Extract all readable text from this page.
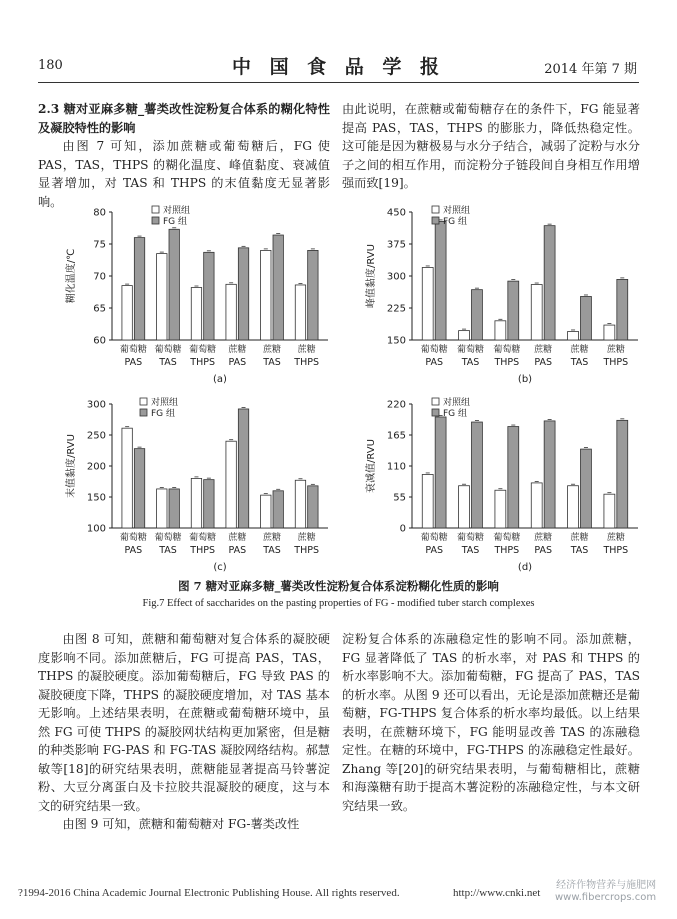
180	中 国 食 品 学 报	2014 年第 7 期

2.3 糖对亚麻多糖_薯类改性淀粉复合体系的糊化特性及凝胶特性的影响

由图 7 可知，添加蔗糖或葡萄糖后，FG 使 PAS，TAS，THPS 的糊化温度、峰值黏度、衰减值显著增加，对 TAS 和 THPS 的末值黏度无显著影响。

由此说明，在蔗糖或葡萄糖存在的条件下，FG 能显著提高 PAS，TAS，THPS 的膨胀力，降低热稳定性。这可能是因为糖极易与水分子结合，减弱了淀粉与水分子之间的相互作用，而淀粉分子链段间自身相互作用增强而致[19]。

60
65
70
75
80
糊化温度/℃
葡萄糖
PAS
葡萄糖
TAS
葡萄糖
THPS
蔗糖
PAS
蔗糖
TAS
蔗糖
THPS
(a)
对照组
FG 组
150
225
300
375
450
峰值黏度/RVU
葡萄糖
PAS
葡萄糖
TAS
葡萄糖
THPS
蔗糖
PAS
蔗糖
TAS
蔗糖
THPS
(b)
对照组
FG 组
100
150
200
250
300
末值黏度/RVU
葡萄糖
PAS
葡萄糖
TAS
葡萄糖
THPS
蔗糖
PAS
蔗糖
TAS
蔗糖
THPS
(c)
对照组
FG 组
0
55
110
165
220
衰减值/RVU
葡萄糖
PAS
葡萄糖
TAS
葡萄糖
THPS
蔗糖
PAS
蔗糖
TAS
蔗糖
THPS
(d)
对照组
FG 组
图 7 糖对亚麻多糖_薯类改性淀粉复合体系淀粉糊化性质的影响
Fig.7 Effect of saccharides on the pasting properties of FG - modified tuber starch complexes

由图 8 可知，蔗糖和葡萄糖对复合体系的凝胶硬度影响不同。添加蔗糖后，FG 可提高 PAS，TAS，THPS 的凝胶硬度。添加葡萄糖后，FG 导致 PAS 的凝胶硬度下降，THPS 的凝胶硬度增加，对 TAS 基本无影响。上述结果表明，在蔗糖或葡萄糖环境中，虽然 FG 可使 THPS 的凝胶网状结构更加紧密，但是糖的种类影响 FG-PAS 和 FG-TAS 凝胶网络结构。郝慧敏等[18]的研究结果表明，蔗糖能显著提高马铃薯淀粉、大豆分离蛋白及卡拉胶共混凝胶的硬度，这与本文的研究结果一致。

由图 9 可知，蔗糖和葡萄糖对 FG-薯类改性

淀粉复合体系的冻融稳定性的影响不同。添加蔗糖，FG 显著降低了 TAS 的析水率，对 PAS 和 THPS 的析水率影响不大。添加葡萄糖，FG 提高了 PAS，TAS 的析水率。从图 9 还可以看出，无论是添加蔗糖还是葡萄糖，FG-THPS 复合体系的析水率均最低。以上结果表明，在蔗糖环境下，FG 能明显改善 TAS 的冻融稳定性。在糖的环境中，FG-THPS 的冻融稳定性最好。Zhang 等[20]的研究结果表明，与葡萄糖相比，蔗糖和海藻糖有助于提高木薯淀粉的冻融稳定性，与本文研究结果一致。

?1994-2016 China Academic Journal Electronic Publishing House. All rights reserved.	http://www.cnki.net
经济作物营养与施肥网
www.fibercrops.com
